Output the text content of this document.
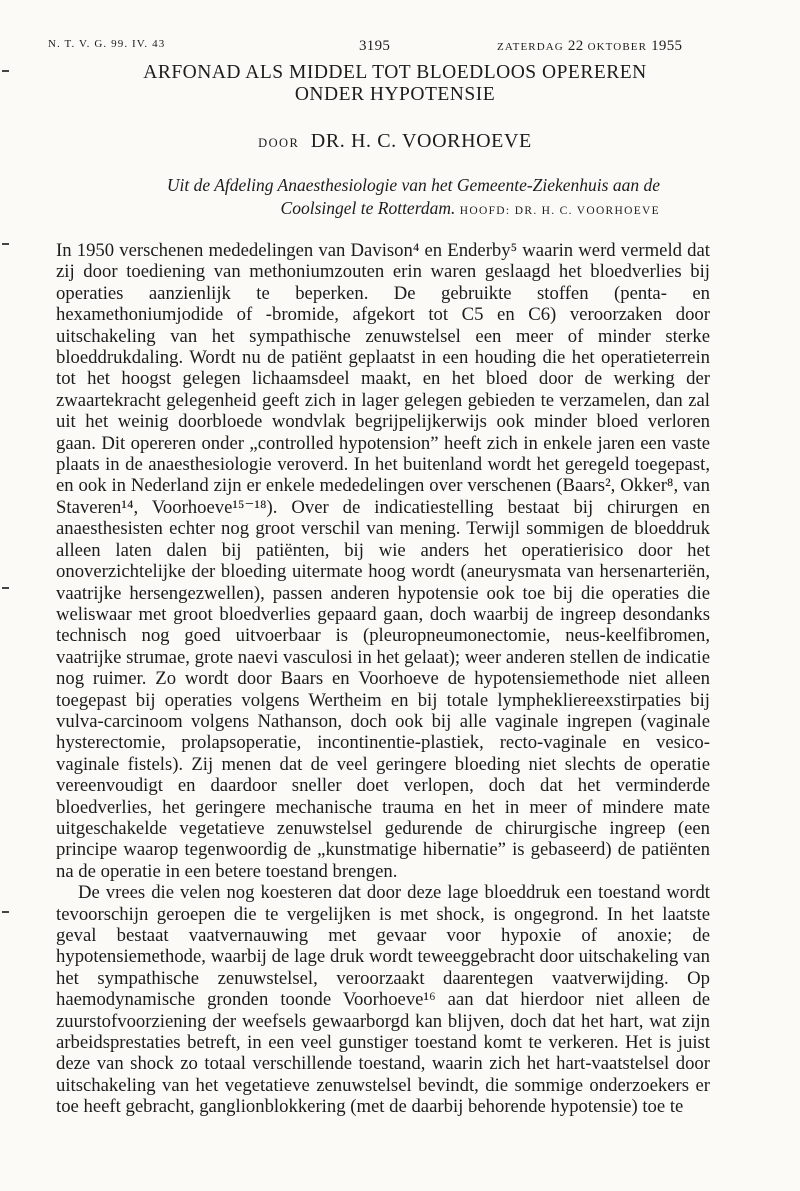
N. T. V. G. 99. IV. 43	3195	ZATERDAG 22 OKTOBER 1955
ARFONAD ALS MIDDEL TOT BLOEDLOOS OPEREREN
ONDER HYPOTENSIE
DOOR DR. H. C. VOORHOEVE
Uit de Afdeling Anaesthesiologie van het Gemeente-Ziekenhuis aan de
Coolsingel te Rotterdam. HOOFD: DR. H. C. VOORHOEVE

In 1950 verschenen mededelingen van Davison⁴ en Enderby⁵ waarin werd vermeld dat zij door toediening van methoniumzouten erin waren geslaagd het bloedverlies bij operaties aanzienlijk te beperken. De gebruikte stoffen (penta- en hexamethoniumjodide of -bromide, afgekort tot C5 en C6) veroorzaken door uitschakeling van het sympathische zenuwstelsel een meer of minder sterke bloeddrukdaling. Wordt nu de patiënt geplaatst in een houding die het operatieterrein tot het hoogst gelegen lichaamsdeel maakt, en het bloed door de werking der zwaartekracht gelegenheid geeft zich in lager gelegen gebieden te verzamelen, dan zal uit het weinig doorbloede wondvlak begrijpelijkerwijs ook minder bloed verloren gaan. Dit opereren onder „controlled hypotension” heeft zich in enkele jaren een vaste plaats in de anaesthesiologie veroverd. In het buitenland wordt het geregeld toegepast, en ook in Nederland zijn er enkele mededelingen over verschenen (Baars², Okker⁸, van Staveren¹⁴, Voorhoeve¹⁵⁻¹⁸). Over de indicatiestelling bestaat bij chirurgen en anaesthesisten echter nog groot verschil van mening. Terwijl sommigen de bloeddruk alleen laten dalen bij patiënten, bij wie anders het operatierisico door het onoverzichtelijke der bloeding uitermate hoog wordt (aneurysmata van hersenarteriën, vaatrijke hersengezwellen), passen anderen hypotensie ook toe bij die operaties die weliswaar met groot bloedverlies gepaard gaan, doch waarbij de ingreep desondanks technisch nog goed uitvoerbaar is (pleuropneumonectomie, neus-keelfibromen, vaatrijke strumae, grote naevi vasculosi in het gelaat); weer anderen stellen de indicatie nog ruimer. Zo wordt door Baars en Voorhoeve de hypotensiemethode niet alleen toegepast bij operaties volgens Wertheim en bij totale lymphekliereexstirpaties bij vulva-carcinoom volgens Nathanson, doch ook bij alle vaginale ingrepen (vaginale hysterectomie, prolapsoperatie, incontinentie-plastiek, recto-vaginale en vesico-vaginale fistels). Zij menen dat de veel geringere bloeding niet slechts de operatie vereenvoudigt en daardoor sneller doet verlopen, doch dat het verminderde bloedverlies, het geringere mechanische trauma en het in meer of mindere mate uitgeschakelde vegetatieve zenuwstelsel gedurende de chirurgische ingreep (een principe waarop tegenwoordig de „kunstmatige hibernatie” is gebaseerd) de patiënten na de operatie in een betere toestand brengen.

De vrees die velen nog koesteren dat door deze lage bloeddruk een toestand wordt tevoorschijn geroepen die te vergelijken is met shock, is ongegrond. In het laatste geval bestaat vaatvernauwing met gevaar voor hypoxie of anoxie; de hypotensiemethode, waarbij de lage druk wordt teweeggebracht door uitschakeling van het sympathische zenuwstelsel, veroorzaakt daarentegen vaatverwijding. Op haemodynamische gronden toonde Voorhoeve¹⁶ aan dat hierdoor niet alleen de zuurstofvoorziening der weefsels gewaarborgd kan blijven, doch dat het hart, wat zijn arbeidsprestaties betreft, in een veel gunstiger toestand komt te verkeren. Het is juist deze van shock zo totaal verschillende toestand, waarin zich het hart-vaatstelsel door uitschakeling van het vegetatieve zenuwstelsel bevindt, die sommige onderzoekers er toe heeft gebracht, ganglionblokkering (met de daarbij behorende hypotensie) toe te
